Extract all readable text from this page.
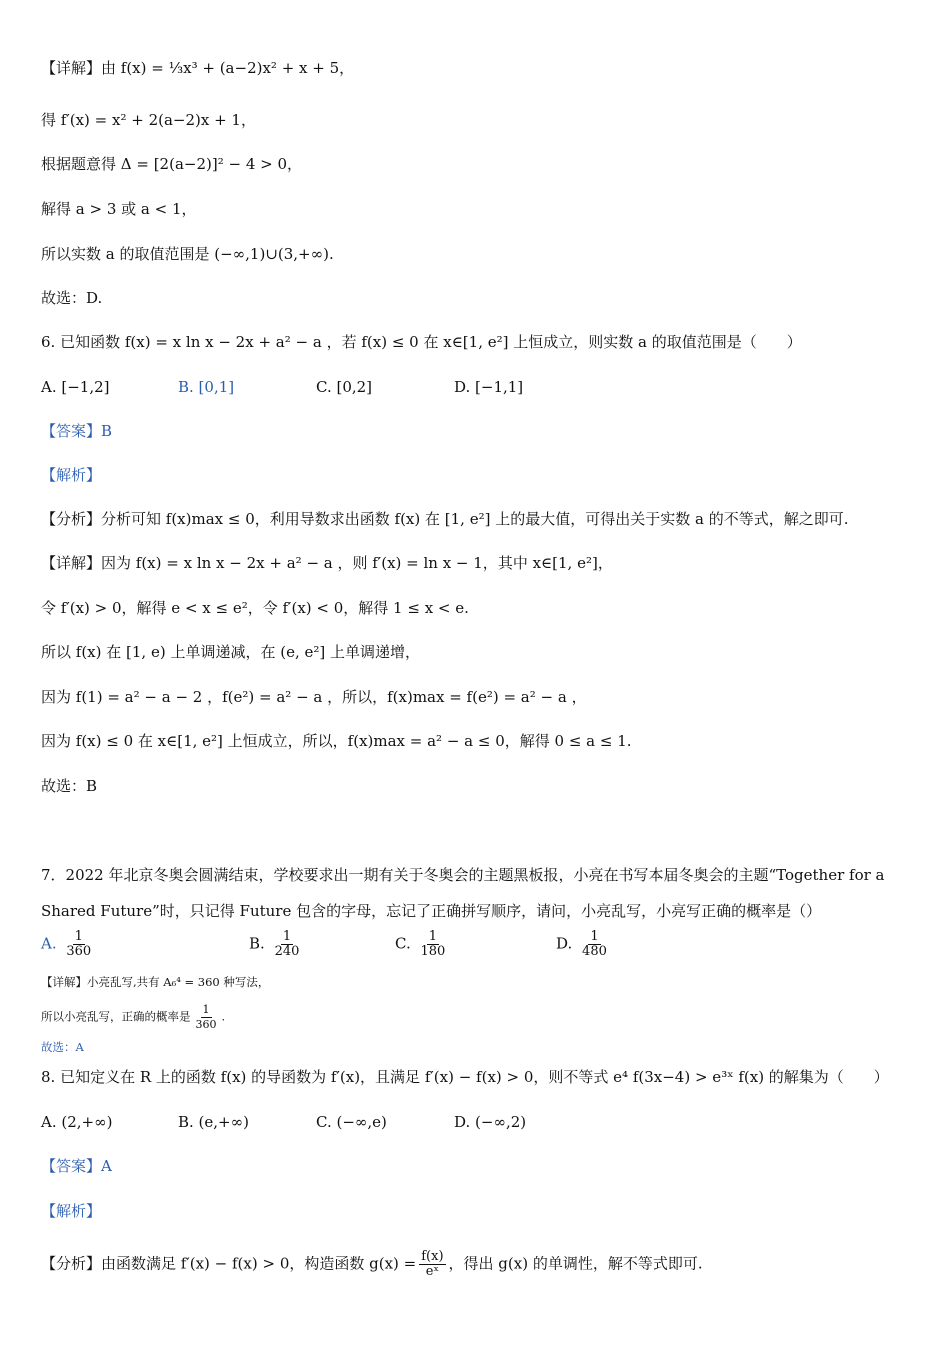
【详解】由 f(x) = ⅓x³ + (a−2)x² + x + 5，
得 f′(x) = x² + 2(a−2)x + 1，
根据题意得 Δ = [2(a−2)]² − 4 > 0，
解得 a > 3 或 a < 1，
所以实数 a 的取值范围是 (−∞,1)∪(3,+∞).
故选：D.
6. 已知函数 f(x) = x ln x − 2x + a² − a ，若 f(x) ≤ 0 在 x∈[1, e²] 上恒成立，则实数 a 的取值范围是（　　）
A. [−1,2]	B. [0,1]	C. [0,2]	D. [−1,1]
【答案】B
【解析】
【分析】分析可知 f(x)max ≤ 0，利用导数求出函数 f(x) 在 [1, e²] 上的最大值，可得出关于实数 a 的不等式，解之即可.
【详解】因为 f(x) = x ln x − 2x + a² − a ，则 f′(x) = ln x − 1，其中 x∈[1, e²]，
令 f′(x) > 0，解得 e < x ≤ e²，令 f′(x) < 0，解得 1 ≤ x < e.
所以 f(x) 在 [1, e) 上单调递减，在 (e, e²] 上单调递增，
因为 f(1) = a² − a − 2 ，f(e²) = a² − a ，所以，f(x)max = f(e²) = a² − a ，
因为 f(x) ≤ 0 在 x∈[1, e²] 上恒成立，所以，f(x)max = a² − a ≤ 0，解得 0 ≤ a ≤ 1.
故选：B
7．2022 年北京冬奥会圆满结束，学校要求出一期有关于冬奥会的主题黑板报，小亮在书写本届冬奥会的主题“Together for a
Shared Future”时，只记得 Future 包含的字母，忘记了正确拼写顺序，请问，小亮乱写，小亮写正确的概率是（）
A. $\frac{1}{360}$	B. $\frac{1}{240}$	C. $\frac{1}{180}$	D. $\frac{1}{480}$
【详解】小亮乱写,共有 A₆⁴ = 360 种写法，
所以小亮乱写，正确的概率是 $\frac{1}{360}$ .
故选：A
8. 已知定义在 R 上的函数 f(x) 的导函数为 f′(x)，且满足 f′(x) − f(x) > 0，则不等式 e⁴ f(3x−4) > e³ˣ f(x) 的解集为（　　）
A. (2,+∞)	B. (e,+∞)	C. (−∞,e)	D. (−∞,2)
【答案】A
【解析】
【分析】由函数满足 f′(x) − f(x) > 0，构造函数 $g(x) = \frac{f(x)}{\text{eˣ}}$ ，得出 g(x) 的单调性，解不等式即可.
